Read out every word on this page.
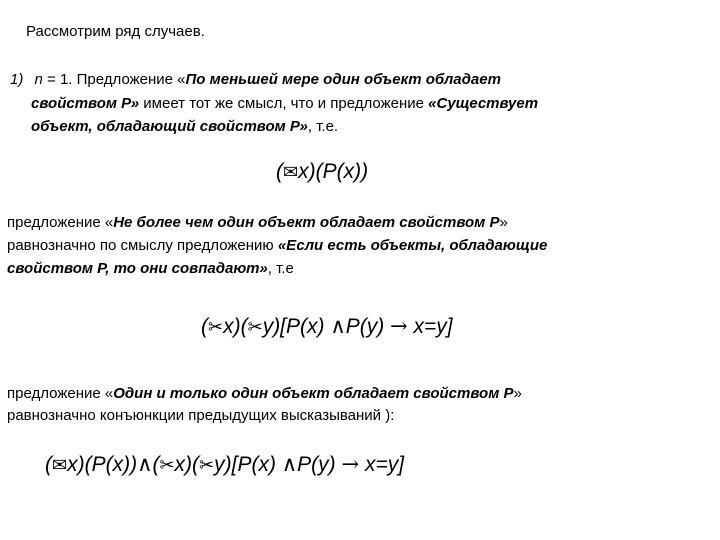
Рассмотрим ряд случаев.
1) n = 1. Предложение «По меньшей мере один объект обладает
свойством Р» имеет тот же смысл, что и предложение «Существует
объект, обладающий свойством Р», т.е.
(✉x)(P(x))
предложение «Не более чем один объект обладает свойством Р»
равнозначно по смыслу предложению «Если есть объекты, обладающие
свойством Р, то они совпадают», т.е
(✂x)(✂y)[P(x) ∧P(y) → x=y]
предложение «Один и только один объект обладает свойством Р»
равнозначно конъюнкции предыдущих высказываний ):
(✉x)(P(x))∧(✂x)(✂y)[P(x) ∧P(y) → x=y]
